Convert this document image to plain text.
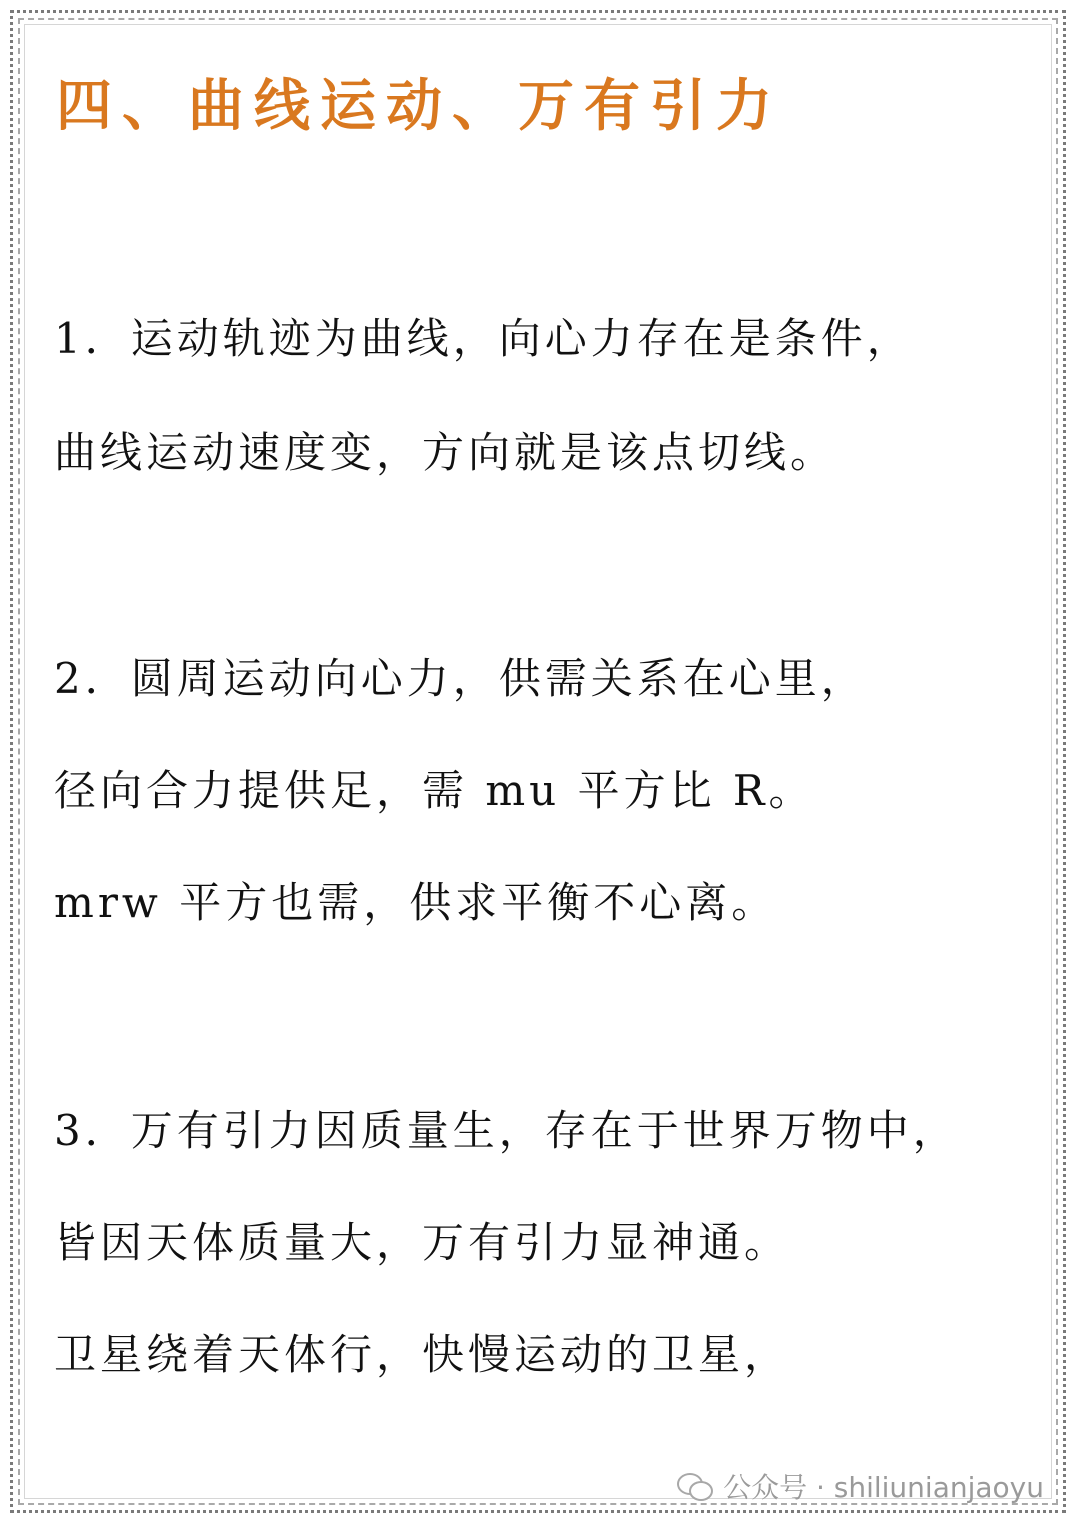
四、曲线运动、万有引力
1．运动轨迹为曲线，向心力存在是条件，
曲线运动速度变，方向就是该点切线。
2．圆周运动向心力，供需关系在心里，
径向合力提供足，需 mu 平方比 R。
mrw 平方也需，供求平衡不心离。
3．万有引力因质量生，存在于世界万物中，
皆因天体质量大，万有引力显神通。
卫星绕着天体行，快慢运动的卫星，
公众号 · shiliunianjaoyu
